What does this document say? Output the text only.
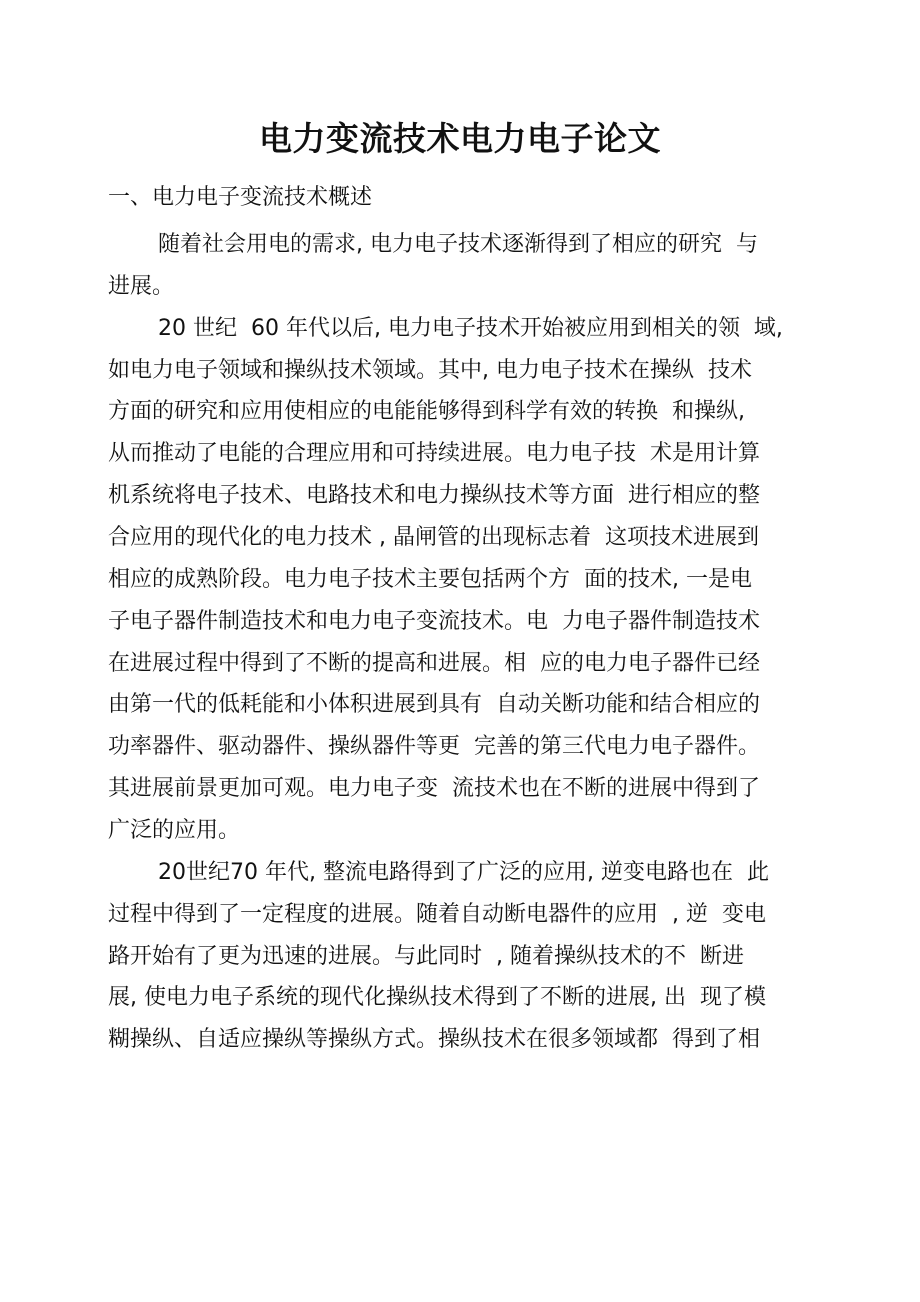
电力变流技术电力电子论文
一、电力电子变流技术概述
随着社会用电的需求, 电力电子技术逐渐得到了相应的研究  与
进展。
20 世纪  60 年代以后, 电力电子技术开始被应用到相关的领  域,
如电力电子领域和操纵技术领域。其中, 电力电子技术在操纵  技术
方面的研究和应用使相应的电能能够得到科学有效的转换  和操纵,
从而推动了电能的合理应用和可持续进展。电力电子技  术是用计算
机系统将电子技术、电路技术和电力操纵技术等方面  进行相应的整
合应用的现代化的电力技术 , 晶闸管的出现标志着  这项技术进展到
相应的成熟阶段。电力电子技术主要包括两个方  面的技术, 一是电
子电子器件制造技术和电力电子变流技术。电  力电子器件制造技术
在进展过程中得到了不断的提高和进展。相  应的电力电子器件已经
由第一代的低耗能和小体积进展到具有  自动关断功能和结合相应的
功率器件、驱动器件、操纵器件等更  完善的第三代电力电子器件。
其进展前景更加可观。电力电子变  流技术也在不断的进展中得到了
广泛的应用。
20世纪70 年代, 整流电路得到了广泛的应用, 逆变电路也在  此
过程中得到了一定程度的进展。随着自动断电器件的应用  , 逆  变电
路开始有了更为迅速的进展。与此同时  , 随着操纵技术的不  断进
展, 使电力电子系统的现代化操纵技术得到了不断的进展, 出  现了模
糊操纵、自适应操纵等操纵方式。操纵技术在很多领域都  得到了相
